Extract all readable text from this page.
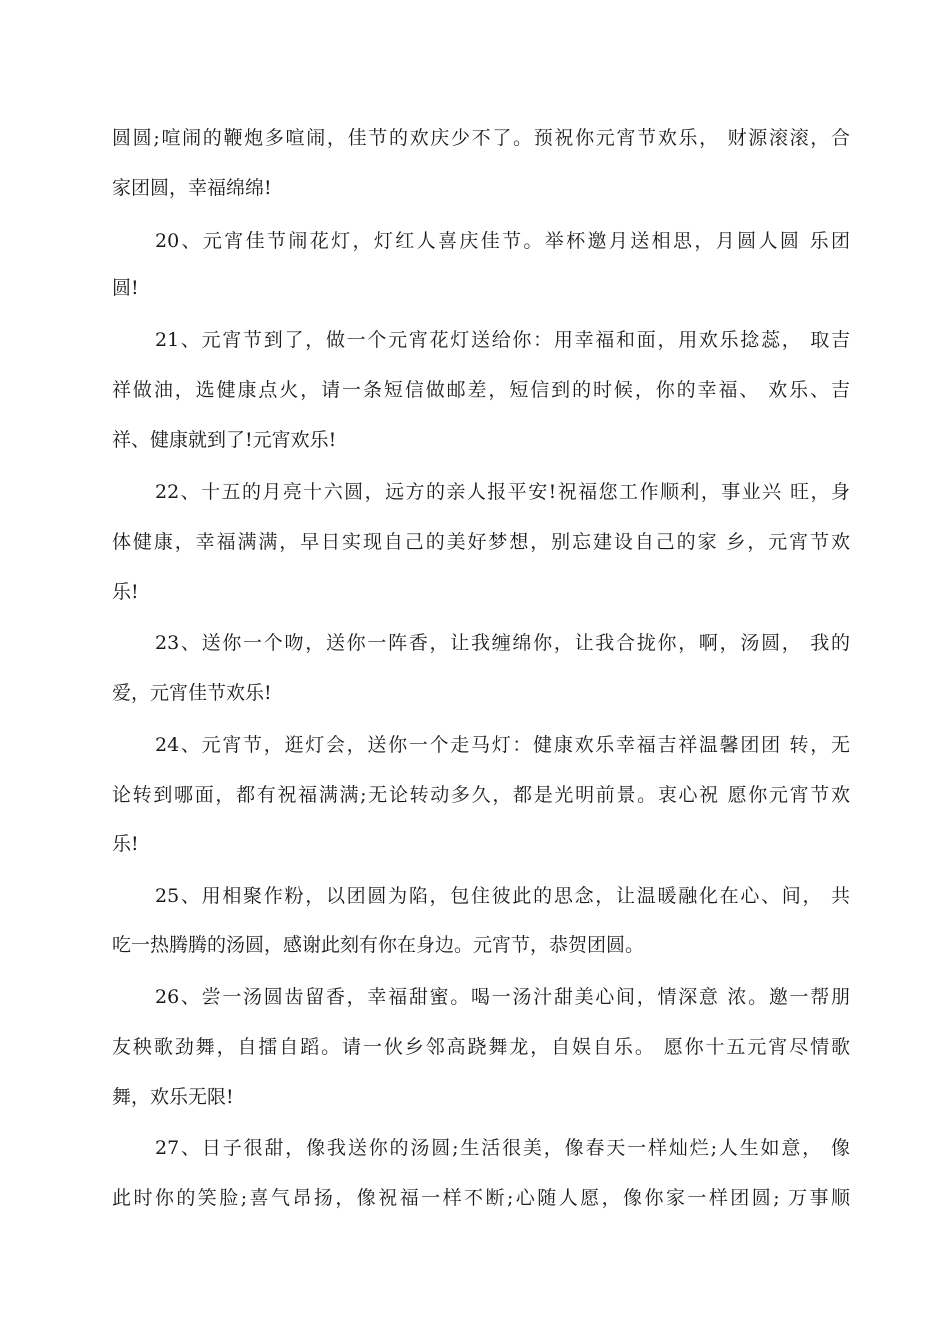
圆圆;喧闹的鞭炮多喧闹，佳节的欢庆少不了。预祝你元宵节欢乐， 财源滚滚，合
家团圆，幸福绵绵!
20、元宵佳节闹花灯，灯红人喜庆佳节。举杯邀月送相思，月圆人圆 乐团
圆!
21、元宵节到了，做一个元宵花灯送给你：用幸福和面，用欢乐捻蕊， 取吉
祥做油，选健康点火，请一条短信做邮差，短信到的时候，你的幸福、 欢乐、吉
祥、健康就到了!元宵欢乐!
22、十五的月亮十六圆，远方的亲人报平安!祝福您工作顺利，事业兴 旺，身
体健康，幸福满满，早日实现自己的美好梦想，别忘建设自己的家 乡，元宵节欢
乐!
23、送你一个吻，送你一阵香，让我缠绵你，让我合拢你，啊，汤圆， 我的
爱，元宵佳节欢乐!
24、元宵节，逛灯会，送你一个走马灯：健康欢乐幸福吉祥温馨团团 转，无
论转到哪面，都有祝福满满;无论转动多久，都是光明前景。衷心祝 愿你元宵节欢
乐!
25、用相聚作粉，以团圆为陷，包住彼此的思念，让温暖融化在心、间， 共
吃一热腾腾的汤圆，感谢此刻有你在身边。元宵节，恭贺团圆。
26、尝一汤圆齿留香，幸福甜蜜。喝一汤汁甜美心间，情深意 浓。邀一帮朋
友秧歌劲舞，自擂自蹈。请一伙乡邻高跷舞龙，自娱自乐。 愿你十五元宵尽情歌
舞，欢乐无限!
27、日子很甜，像我送你的汤圆;生活很美，像春天一样灿烂;人生如意， 像
此时你的笑脸;喜气昂扬，像祝福一样不断;心随人愿，像你家一样团圆; 万事顺
